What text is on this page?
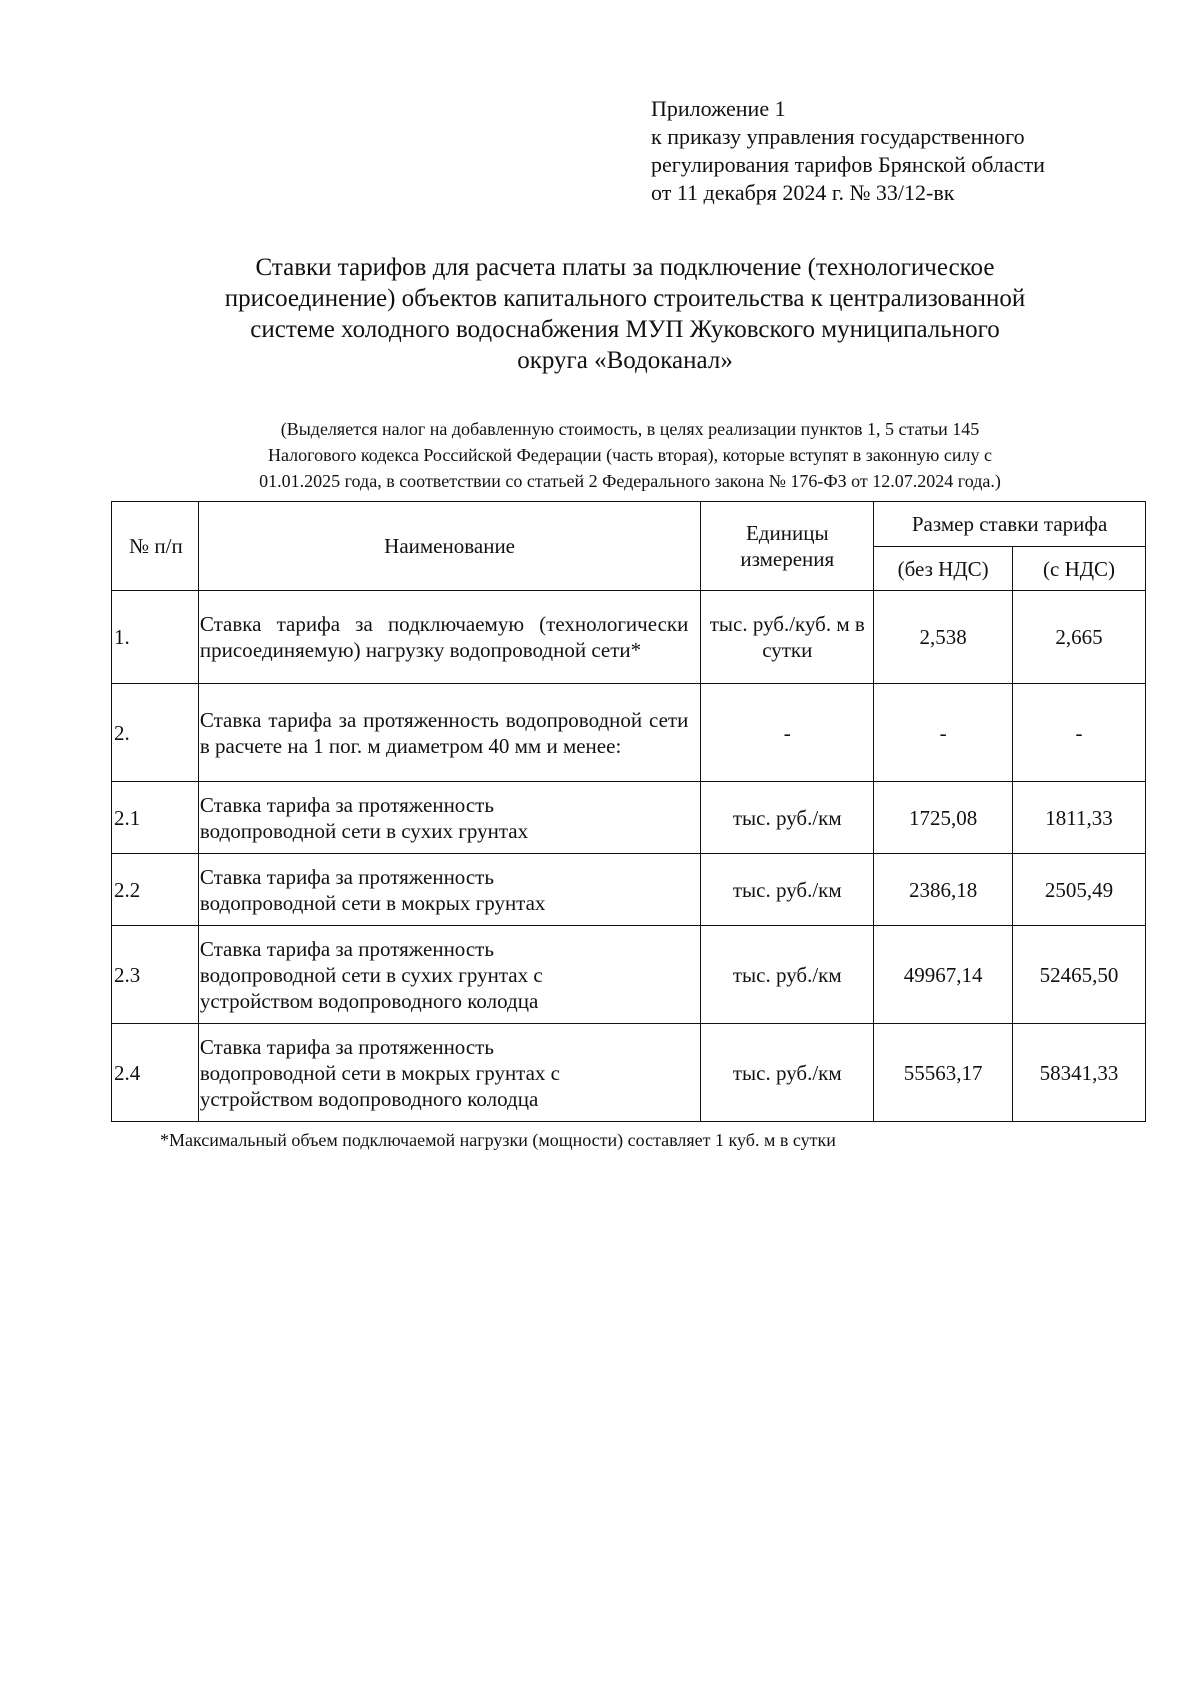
Приложение 1
к приказу управления государственного
регулирования тарифов Брянской области
от 11 декабря 2024 г. № 33/12-вк
Ставки тарифов для расчета платы за подключение (технологическое
присоединение) объектов капитального строительства к централизованной
системе холодного водоснабжения МУП Жуковского муниципального
округа «Водоканал»
(Выделяется налог на добавленную стоимость, в целях реализации пунктов 1, 5 статьи 145
Налогового кодекса Российской Федерации (часть вторая), которые вступят в законную силу с
01.01.2025 года, в соответствии со статьей 2 Федерального закона № 176-ФЗ от 12.07.2024 года.)
№ п/п	Наименование	Единицы измерения	Размер ставки тарифа	
			(без НДС)	(с НДС)
1.	Ставка тарифа за подключаемую (технологически присоединяемую) нагрузку водопроводной сети*	тыс. руб./куб. м в сутки	2,538	2,665
2.	Ставка тарифа за протяженность водопроводной сети в расчете на 1 пог. м диаметром 40 мм и менее:	-	-	-
2.1	Ставка тарифа за протяженность водопроводной сети в сухих грунтах	тыс. руб./км	1725,08	1811,33
2.2	Ставка тарифа за протяженность водопроводной сети в мокрых грунтах	тыс. руб./км	2386,18	2505,49
2.3	Ставка тарифа за протяженность водопроводной сети в сухих грунтах с устройством водопроводного колодца	тыс. руб./км	49967,14	52465,50
2.4	Ставка тарифа за протяженность водопроводной сети в мокрых грунтах с устройством водопроводного колодца	тыс. руб./км	55563,17	58341,33
*Максимальный объем подключаемой нагрузки (мощности) составляет 1 куб. м в сутки
